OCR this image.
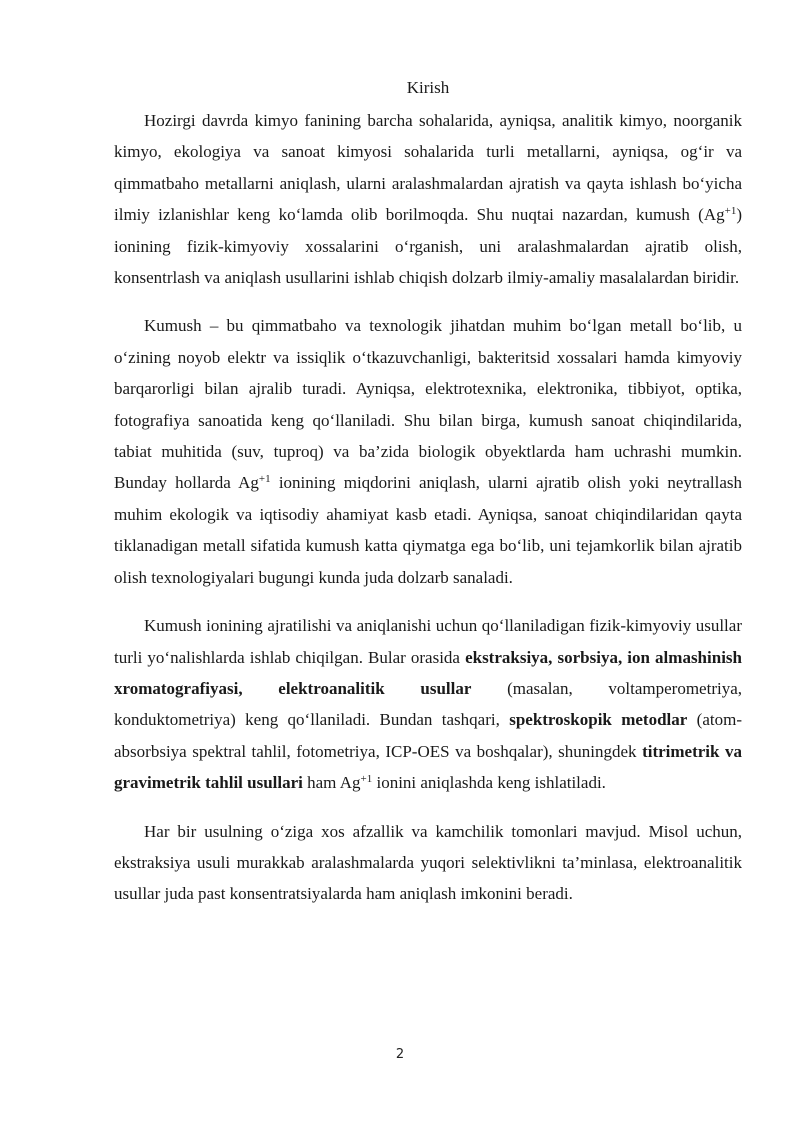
Kirish

Hozirgi davrda kimyo fanining barcha sohalarida, ayniqsa, analitik kimyo, noorganik kimyo, ekologiya va sanoat kimyosi sohalarida turli metallarni, ayniqsa, og‘ir va qimmatbaho metallarni aniqlash, ularni aralashmalardan ajratish va qayta ishlash bo‘yicha ilmiy izlanishlar keng ko‘lamda olib borilmoqda. Shu nuqtai nazardan, kumush $(Ag^{+1})$ ionining fizik-kimyoviy xossalarini o‘rganish, uni aralashmalardan ajratib olish, konsentrlash va aniqlash usullarini ishlab chiqish dolzarb ilmiy-amaliy masalalardan biridir.

Kumush – bu qimmatbaho va texnologik jihatdan muhim bo‘lgan metall bo‘lib, u o‘zining noyob elektr va issiqlik o‘tkazuvchanligi, bakteritsid xossalari hamda kimyoviy barqarorligi bilan ajralib turadi. Ayniqsa, elektrotexnika, elektronika, tibbiyot, optika, fotografiya sanoatida keng qo‘llaniladi. Shu bilan birga, kumush sanoat chiqindilarida, tabiat muhitida (suv, tuproq) va ba’zida biologik obyektlarda ham uchrashi mumkin. Bunday hollarda $Ag^{+1}$ ionining miqdorini aniqlash, ularni ajratib olish yoki neytrallash muhim ekologik va iqtisodiy ahamiyat kasb etadi. Ayniqsa, sanoat chiqindilaridan qayta tiklanadigan metall sifatida kumush katta qiymatga ega bo‘lib, uni tejamkorlik bilan ajratib olish texnologiyalari bugungi kunda juda dolzarb sanaladi.

Kumush ionining ajratilishi va aniqlanishi uchun qo‘llaniladigan fizik-kimyoviy usullar turli yo‘nalishlarda ishlab chiqilgan. Bular orasida ekstraksiya, sorbsiya, ion almashinish xromatografiyasi, elektroanalitik usullar (masalan, voltamperometriya, konduktometriya) keng qo‘llaniladi. Bundan tashqari, spektroskopik metodlar (atom-absorbsiya spektral tahlil, fotometriya, ICP-OES va boshqalar), shuningdek titrimetrik va gravimetrik tahlil usullari ham $Ag^{+1}$ ionini aniqlashda keng ishlatiladi.

Har bir usulning o‘ziga xos afzallik va kamchilik tomonlari mavjud. Misol uchun, ekstraksiya usuli murakkab aralashmalarda yuqori selektivlikni ta’minlasa, elektroanalitik usullar juda past konsentratsiyalarda ham aniqlash imkonini beradi.

2
